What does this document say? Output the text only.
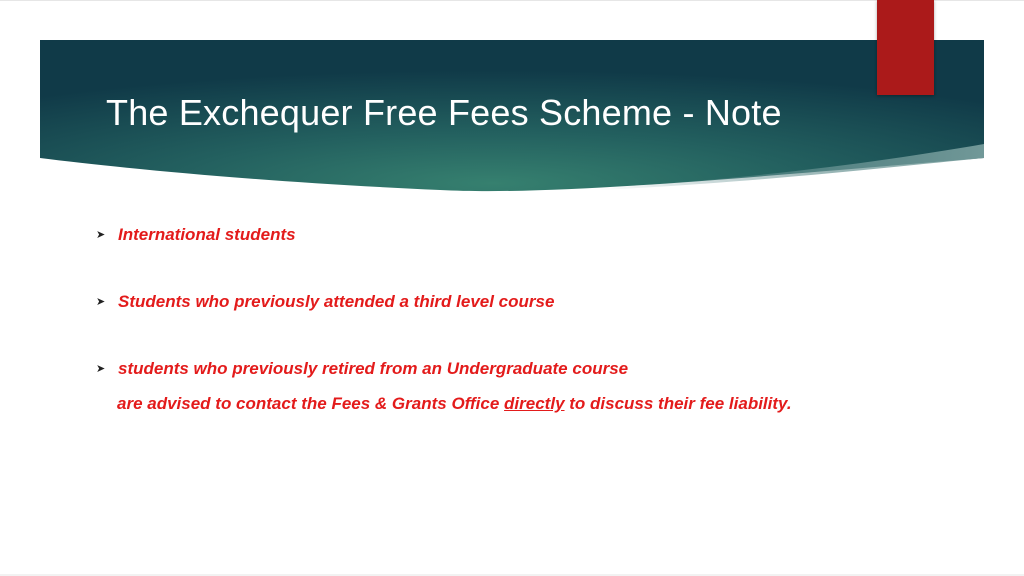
The Exchequer Free Fees Scheme - Note
➤ International students
➤ Students who previously attended a third level course
➤ students who previously retired from an Undergraduate course
are advised to contact the Fees & Grants Office directly to discuss their fee liability.
